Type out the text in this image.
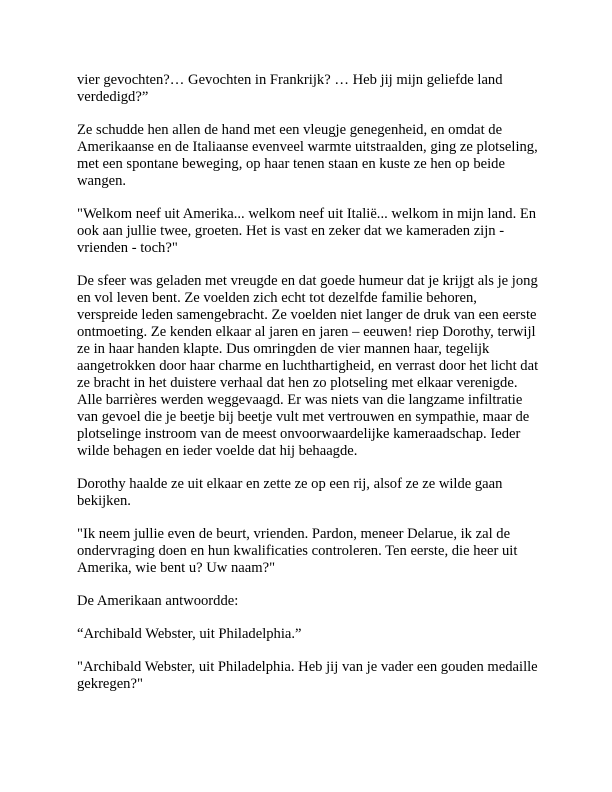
vier gevochten?… Gevochten in Frankrijk? … Heb jij mijn geliefde land verdedigd?”

Ze schudde hen allen de hand met een vleugje genegenheid, en omdat de Amerikaanse en de Italiaanse evenveel warmte uitstraalden, ging ze plotseling, met een spontane beweging, op haar tenen staan en kuste ze hen op beide wangen.

"Welkom neef uit Amerika... welkom neef uit Italië... welkom in mijn land. En ook aan jullie twee, groeten. Het is vast en zeker dat we kameraden zijn - vrienden - toch?"

De sfeer was geladen met vreugde en dat goede humeur dat je krijgt als je jong en vol leven bent. Ze voelden zich echt tot dezelfde familie behoren, verspreide leden samengebracht. Ze voelden niet langer de druk van een eerste ontmoeting. Ze kenden elkaar al jaren en jaren – eeuwen! riep Dorothy, terwijl ze in haar handen klapte. Dus omringden de vier mannen haar, tegelijk aangetrokken door haar charme en luchthartigheid, en verrast door het licht dat ze bracht in het duistere verhaal dat hen zo plotseling met elkaar verenigde. Alle barrières werden weggevaagd. Er was niets van die langzame infiltratie van gevoel die je beetje bij beetje vult met vertrouwen en sympathie, maar de plotselinge instroom van de meest onvoorwaardelijke kameraadschap. Ieder wilde behagen en ieder voelde dat hij behaagde.

Dorothy haalde ze uit elkaar en zette ze op een rij, alsof ze ze wilde gaan bekijken.

"Ik neem jullie even de beurt, vrienden. Pardon, meneer Delarue, ik zal de ondervraging doen en hun kwalificaties controleren. Ten eerste, die heer uit Amerika, wie bent u? Uw naam?"

De Amerikaan antwoordde:

“Archibald Webster, uit Philadelphia.”

"Archibald Webster, uit Philadelphia. Heb jij van je vader een gouden medaille gekregen?"
